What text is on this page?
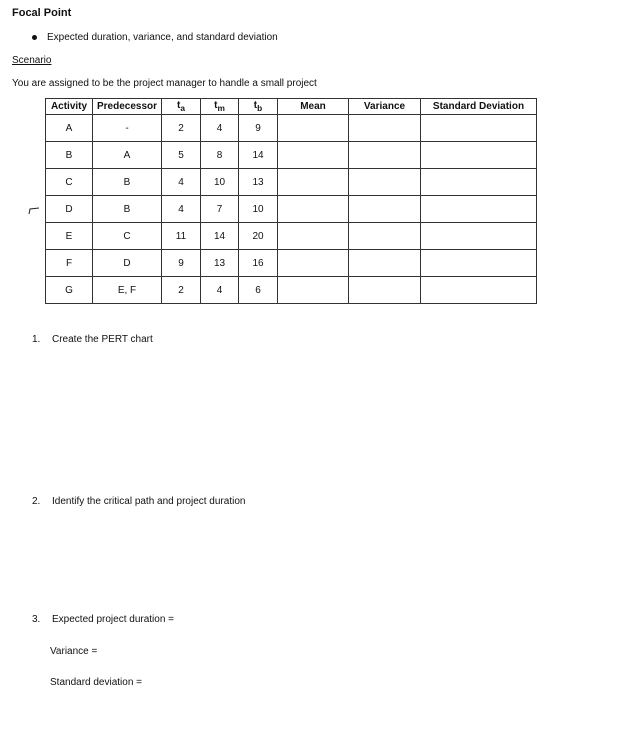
Focal Point
Expected duration, variance, and standard deviation
Scenario
You are assigned to be the project manager to handle a small project
Activity	Predecessor	$t_a$	$t_m$	$t_b$	Mean	Variance	Standard Deviation
A	-	2	4	9			
B	A	5	8	14			
C	B	4	10	13			
D	B	4	7	10			
E	C	11	14	20			
F	D	9	13	16			
G	E, F	2	4	6			
1. Create the PERT chart
2. Identify the critical path and project duration
3. Expected project duration =
Variance =
Standard deviation =
